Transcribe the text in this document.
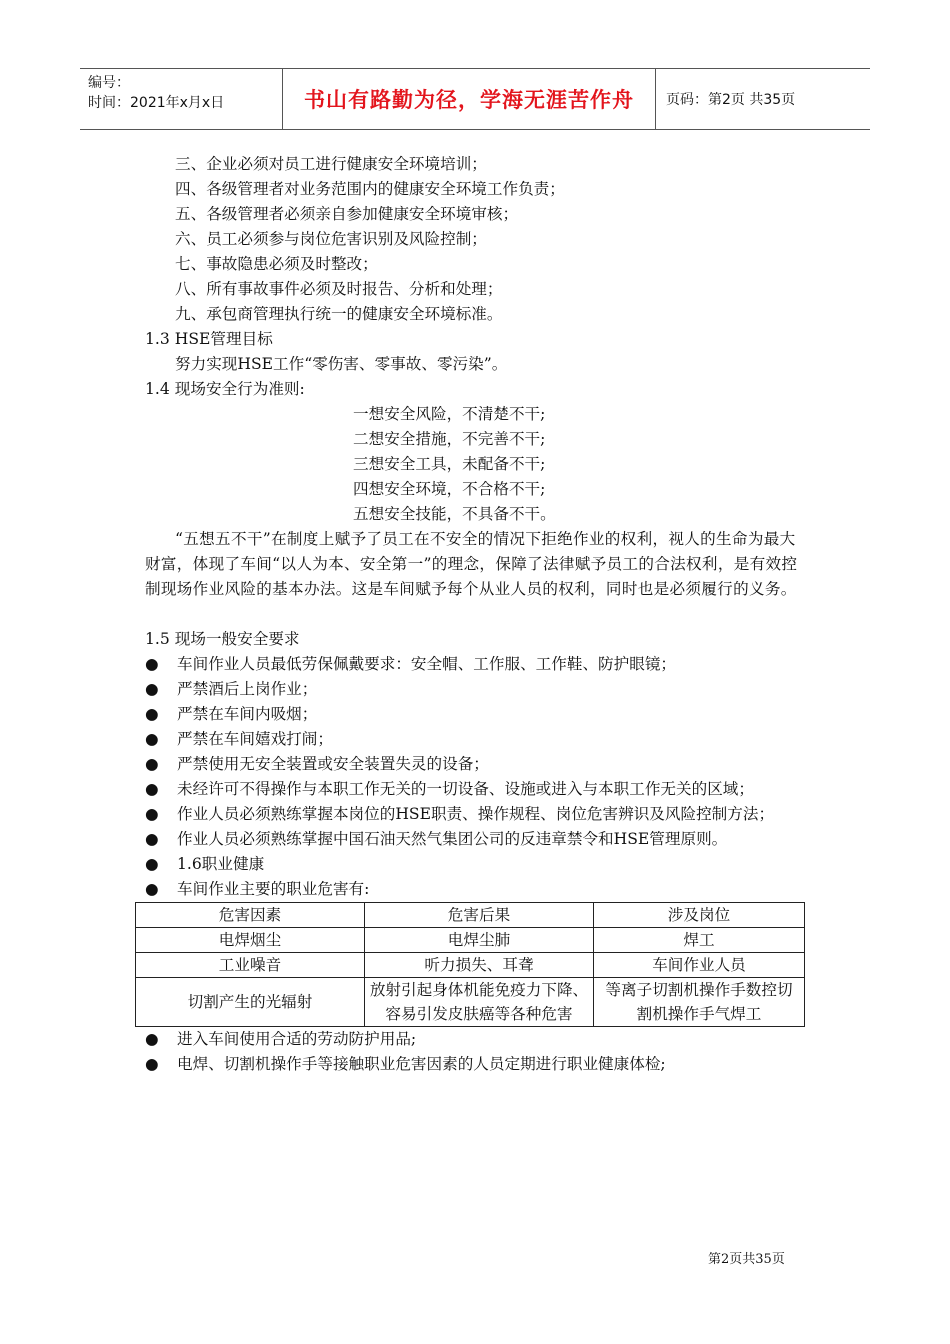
编号：
时间：2021年x月x日	书山有路勤为径，学海无涯苦作舟	页码：第2页 共35页

三、企业必须对员工进行健康安全环境培训；

四、各级管理者对业务范围内的健康安全环境工作负责；

五、各级管理者必须亲自参加健康安全环境审核；

六、员工必须参与岗位危害识别及风险控制；

七、事故隐患必须及时整改；

八、所有事故事件必须及时报告、分析和处理；

九、承包商管理执行统一的健康安全环境标准。

1.3 HSE管理目标

努力实现HSE工作“零伤害、零事故、零污染”。

1.4 现场安全行为准则:

一想安全风险，不清楚不干;

二想安全措施，不完善不干;

三想安全工具，未配备不干;

四想安全环境，不合格不干;

五想安全技能，不具备不干。

“五想五不干”在制度上赋予了员工在不安全的情况下拒绝作业的权利，视人的生命为最大财富，体现了车间“以人为本、安全第一”的理念，保障了法律赋予员工的合法权利，是有效控制现场作业风险的基本办法。这是车间赋予每个从业人员的权利，同时也是必须履行的义务。

1.5 现场一般安全要求

● 车间作业人员最低劳保佩戴要求：安全帽、工作服、工作鞋、防护眼镜；
● 严禁酒后上岗作业；
● 严禁在车间内吸烟；
● 严禁在车间嬉戏打闹；
● 严禁使用无安全装置或安全装置失灵的设备；
● 未经许可不得操作与本职工作无关的一切设备、设施或进入与本职工作无关的区域；
● 作业人员必须熟练掌握本岗位的HSE职责、操作规程、岗位危害辨识及风险控制方法；
● 作业人员必须熟练掌握中国石油天然气集团公司的反违章禁令和HSE管理原则。
● 1.6职业健康
● 车间作业主要的职业危害有:
危害因素	危害后果	涉及岗位
电焊烟尘	电焊尘肺	焊工
工业噪音	听力损失、耳聋	车间作业人员
切割产生的光辐射	放射引起身体机能免疫力下降、容易引发皮肤癌等各种危害	等离子切割机操作手数控切割机操作手气焊工
● 进入车间使用合适的劳动防护用品;
● 电焊、切割机操作手等接触职业危害因素的人员定期进行职业健康体检;
第2页共35页
